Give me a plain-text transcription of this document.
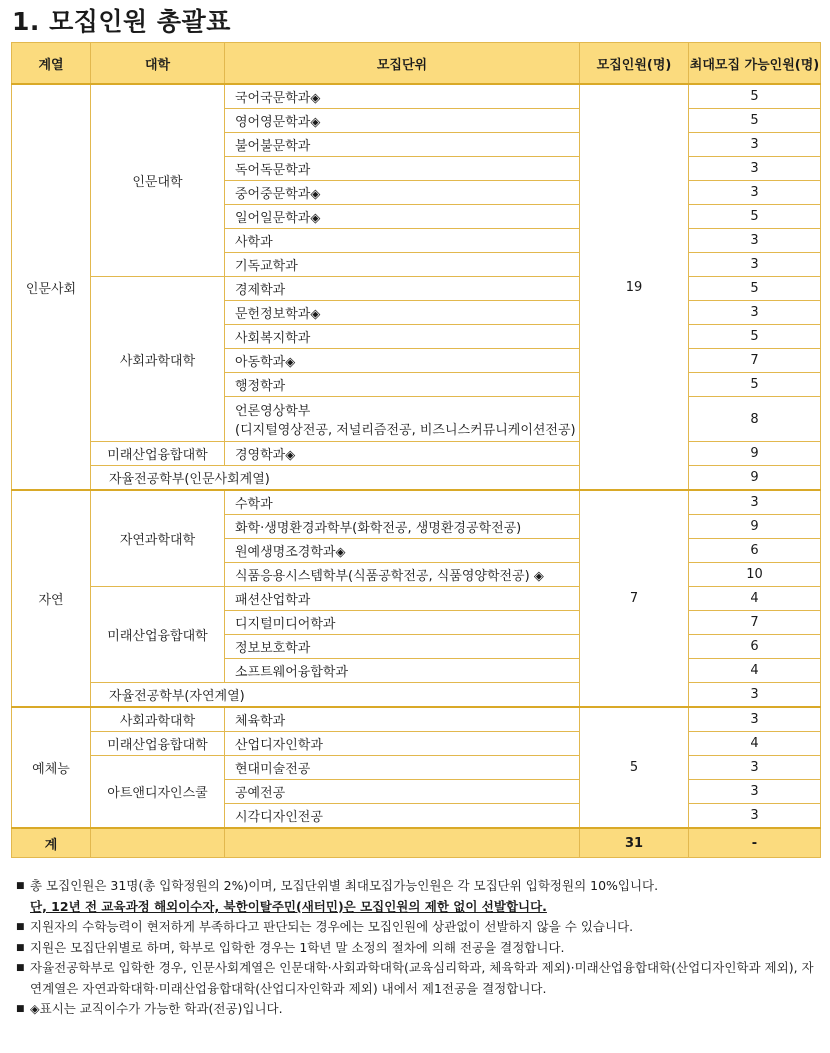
1. 모집인원 총괄표
계열	대학	모집단위	모집인원(명)	최대모집 가능인원(명)
인문사회	인문대학	국어국문학과◈	19	5

		영어영문학과◈		5

		불어불문학과		3

		독어독문학과		3

		중어중문학과◈		3

		일어일문학과◈		5

		사학과		3

		기독교학과		3
	사회과학대학	경제학과		5

		문헌정보학과◈		3

		사회복지학과		5

		아동학과◈		7

		행정학과		5

		언론영상학부
(디지털영상전공, 저널리즘전공, 비즈니스커뮤니케이션전공)		8
	미래산업융합대학	경영학과◈		9
	자율전공학부(인문사회계열)			9
자연	자연과학대학	수학과	7	3

		화학·생명환경과학부(화학전공, 생명환경공학전공)		9

		원예생명조경학과◈		6

		식품응용시스템학부(식품공학전공, 식품영양학전공) ◈		10
	미래산업융합대학	패션산업학과		4

		디지털미디어학과		7

		정보보호학과		6

		소프트웨어융합학과		4
	자율전공학부(자연계열)			3
예체능	사회과학대학	체육학과	5	3
	미래산업융합대학	산업디자인학과		4
	아트앤디자인스쿨	현대미술전공		3

		공예전공		3

		시각디자인전공		3
계			31	-
■ 총 모집인원은 31명(총 입학정원의 2%)이며, 모집단위별 최대모집가능인원은 각 모집단위 입학정원의 10%입니다.
단, 12년 전 교육과정 해외이수자, 북한이탈주민(새터민)은 모집인원의 제한 없이 선발합니다.
■ 지원자의 수학능력이 현저하게 부족하다고 판단되는 경우에는 모집인원에 상관없이 선발하지 않을 수 있습니다.
■ 지원은 모집단위별로 하며, 학부로 입학한 경우는 1학년 말 소정의 절차에 의해 전공을 결정합니다.
■ 자율전공학부로 입학한 경우, 인문사회계열은 인문대학·사회과학대학(교육심리학과, 체육학과 제외)·미래산업융합대학(산업디자인학과 제외), 자연계열은 자연과학대학·미래산업융합대학(산업디자인학과 제외) 내에서 제1전공을 결정합니다.
■ ◈표시는 교직이수가 가능한 학과(전공)입니다.
